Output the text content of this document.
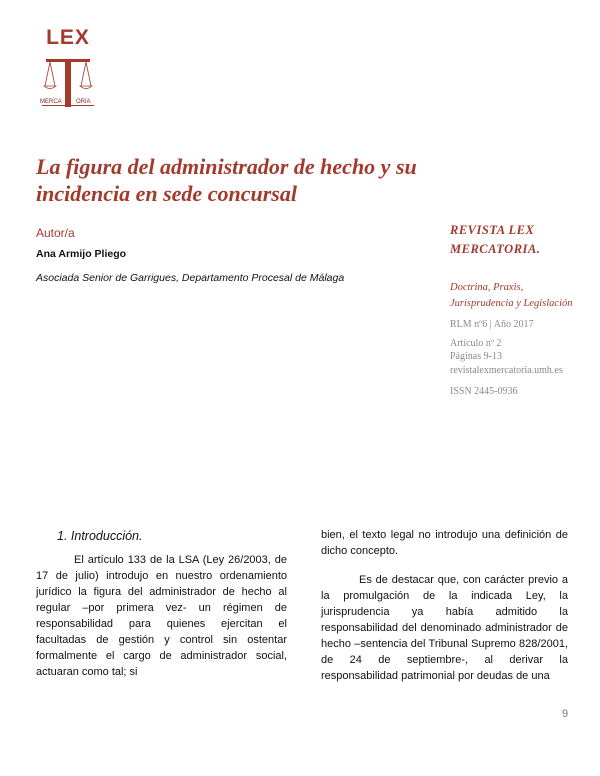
LEX
MERCA	ORIA
La figura del administrador de hecho y su incidencia en sede concursal
Autor/a
Ana Armijo Pliego
Asociada Senior de Garrigues, Departamento Procesal de Málaga
REVISTA LEX MERCATORIA.
Doctrina, Praxis, Jurisprudencia y Legislación
RLM nº6 | Año 2017
Artículo nº 2
Páginas 9-13
revistalexmercatoria.umh.es
ISSN 2445-0936
1. Introducción.

El artículo 133 de la LSA (Ley 26/2003, de 17 de julio) introdujo en nuestro ordenamiento jurídico la figura del administrador de hecho al regular –por primera vez- un régimen de responsabilidad para quienes ejercitan el facultadas de gestión y control sin ostentar formalmente el cargo de administrador social, actuaran como tal; si

bien, el texto legal no introdujo una definición de dicho concepto.

Es de destacar que, con carácter previo a la promulgación de la indicada Ley, la jurisprudencia ya había admitido la responsabilidad del denominado administrador de hecho –sentencia del Tribunal Supremo 828/2001, de 24 de septiembre-, al derivar la responsabilidad patrimonial por deudas de una

9
